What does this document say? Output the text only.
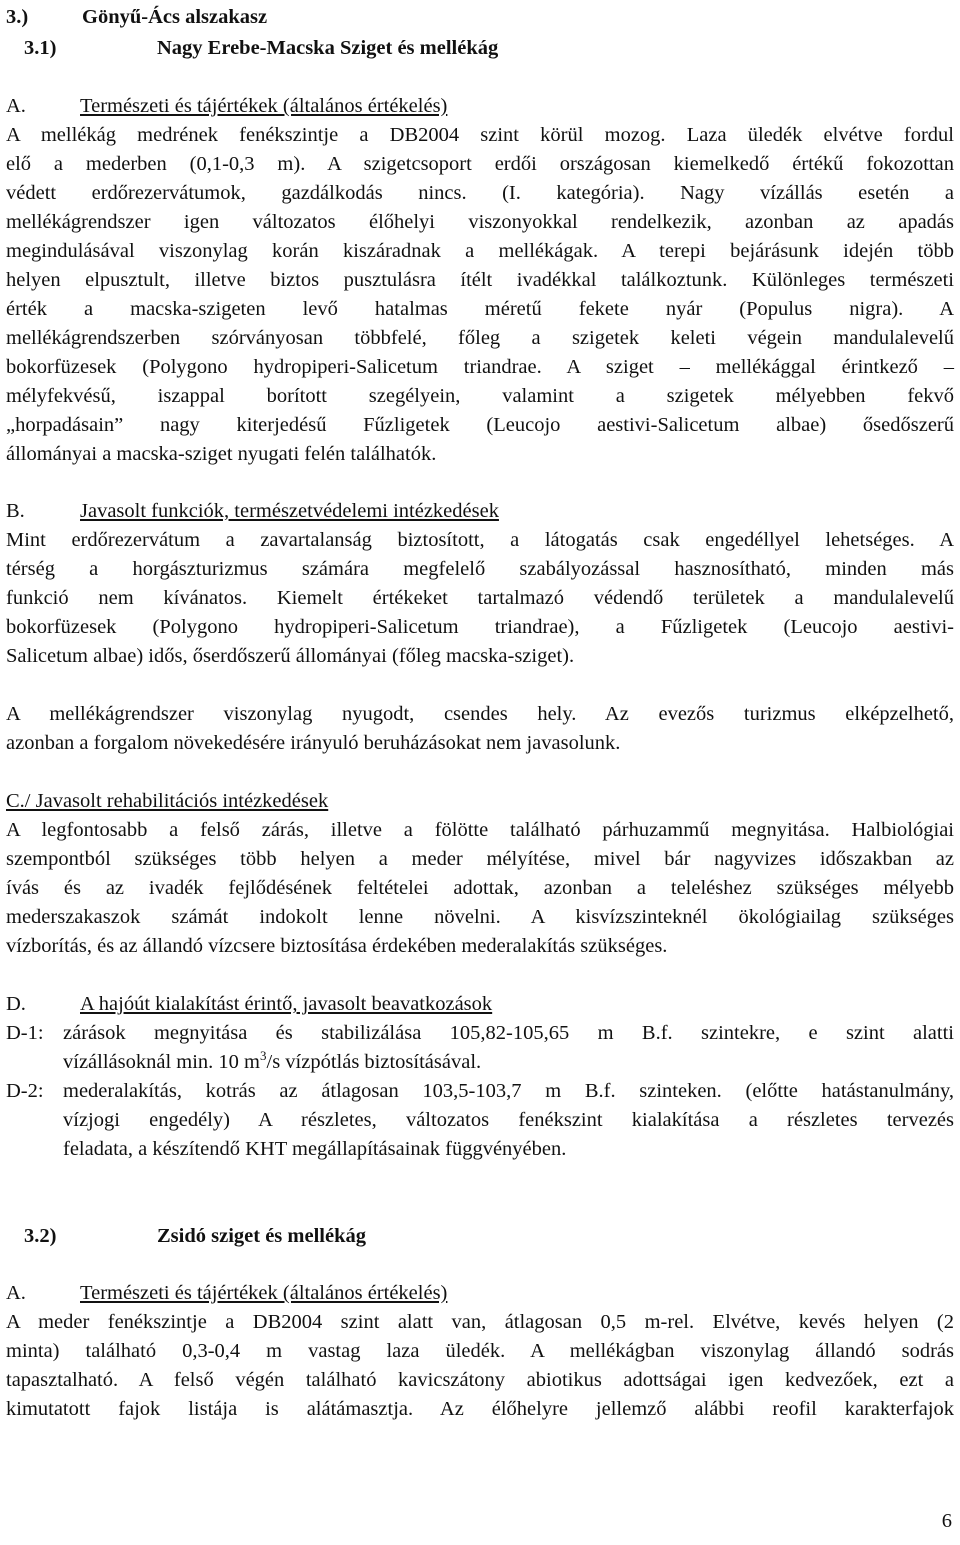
3.)	Gönyű-Ács alszakasz
3.1)	Nagy Erebe-Macska Sziget és mellékág
A.	Természeti és tájértékek (általános értékelés)
A mellékág medrének fenékszintje a DB2004 szint körül mozog. Laza üledék elvétve fordul
elő a mederben (0,1-0,3 m). A szigetcsoport erdői országosan kiemelkedő értékű fokozottan
védett erdőrezervátumok, gazdálkodás nincs. (I. kategória). Nagy vízállás esetén a
mellékágrendszer igen változatos élőhelyi viszonyokkal rendelkezik, azonban az apadás
megindulásával viszonylag korán kiszáradnak a mellékágak. A terepi bejárásunk idején több
helyen elpusztult, illetve biztos pusztulásra ítélt ivadékkal találkoztunk. Különleges természeti
érték a macska-szigeten levő hatalmas méretű fekete nyár (Populus nigra). A
mellékágrendszerben szórványosan többfelé, főleg a szigetek keleti végein mandulalevelű
bokorfüzesek (Polygono hydropiperi-Salicetum triandrae. A sziget – mellékággal érintkező –
mélyfekvésű, iszappal borított szegélyein, valamint a szigetek mélyebben fekvő
„horpadásain” nagy kiterjedésű Fűzligetek (Leucojo aestivi-Salicetum albae) ősedőszerű
állományai a macska-sziget nyugati felén találhatók.
B.	Javasolt funkciók, természetvédelemi intézkedések
Mint erdőrezervátum a zavartalanság biztosított, a látogatás csak engedéllyel lehetséges. A
térség a horgászturizmus számára megfelelő szabályozással hasznosítható, minden más
funkció nem kívánatos. Kiemelt értékeket tartalmazó védendő területek a mandulalevelű
bokorfüzesek (Polygono hydropiperi-Salicetum triandrae), a Fűzligetek (Leucojo aestivi-
Salicetum albae) idős, őserdőszerű állományai (főleg macska-sziget).
A mellékágrendszer viszonylag nyugodt, csendes hely. Az evezős turizmus elképzelhető,
azonban a forgalom növekedésére irányuló beruházásokat nem javasolunk.
C./ Javasolt rehabilitációs intézkedések
A legfontosabb a felső zárás, illetve a fölötte található párhuzammű megnyitása. Halbiológiai
szempontból szükséges több helyen a meder mélyítése, mivel bár nagyvizes időszakban az
ívás és az ivadék fejlődésének feltételei adottak, azonban a teleléshez szükséges mélyebb
mederszakaszok számát indokolt lenne növelni. A kisvízszinteknél ökológiailag szükséges
vízborítás, és az állandó vízcsere biztosítása érdekében mederalakítás szükséges.
D.	A hajóút kialakítást érintő, javasolt beavatkozások
D-1: zárások megnyitása és stabilizálása 105,82-105,65 m B.f. szintekre, e szint alatti
vízállásoknál min. 10 $m^3/s$ vízpótlás biztosításával.
D-2: mederalakítás, kotrás az átlagosan 103,5-103,7 m B.f. szinteken. (előtte hatástanulmány,
vízjogi engedély) A részletes, változatos fenékszint kialakítása a részletes tervezés
feladata, a készítendő KHT megállapításainak függvényében.
3.2)	Zsidó sziget és mellékág
A.	Természeti és tájértékek (általános értékelés)
A meder fenékszintje a DB2004 szint alatt van, átlagosan 0,5 m-rel. Elvétve, kevés helyen (2
minta) található 0,3-0,4 m vastag laza üledék. A mellékágban viszonylag állandó sodrás
tapasztalható. A felső végén található kavicszátony abiotikus adottságai igen kedvezőek, ezt a
kimutatott fajok listája is alátámasztja. Az élőhelyre jellemző alábbi reofil karakterfajok
6
